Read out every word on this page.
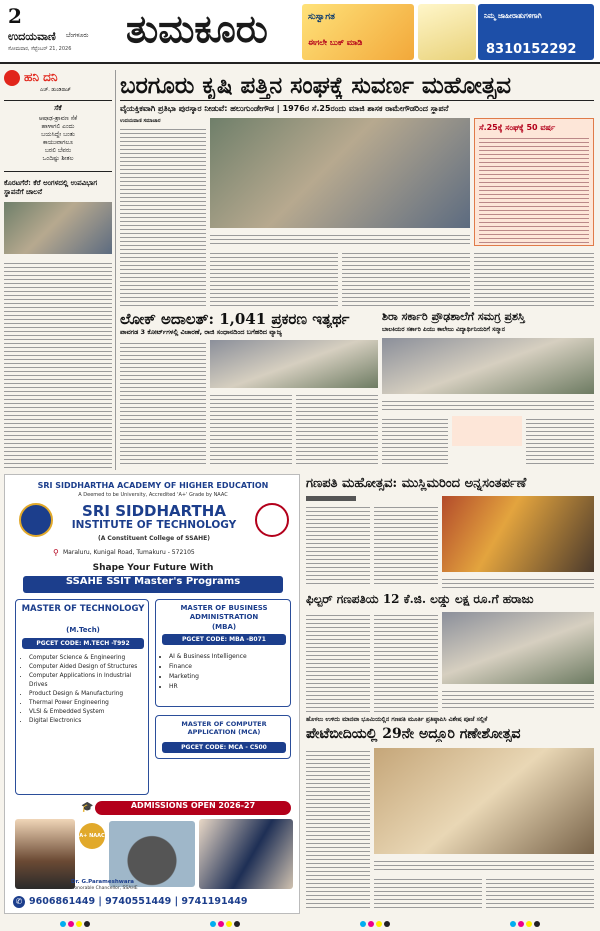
2
ಉದಯವಾಣಿ ಬೆಂಗಳೂರು
ಸೋಮವಾರ, ಸೆಪ್ಟೆಂಬರ್ 21, 2026 ತುಮಕೂರು	ಸುಸ್ವಾಗತ
ಈಗಲೇ ಬುಕ್ ಮಾಡಿ
ನಿಮ್ಮ ಜಾಹೀರಾತುಗಳಿಗಾಗಿ
8310152292
ಹನಿ ದನಿ
ಎಚ್. ಡುಂಡಿರಾಜ್
ಸೆಕೆ
ಆಷಾಢ-ಶ್ರಾವಣ ಸೆಕೆ
ಹಾಳಾಗಲಿ ಎಂದು
ಬಯಸಿದ್ದೇ ಬಂತು
ಕಾಯುವಾಗಲೂ
ಬರಲಿ ಬೆವರು
ಒಂದಿಷ್ಟು ಶೀತಲ
ಕೊರಟಗೆರೆ: ಕೆರೆ ಅಂಗಳದಲ್ಲಿ ಉಪವಿಭಾಗ ಸ್ಥಾಪನೆಗೆ ಚಾಲನೆ
ಬರಗೂರು ಕೃಷಿ ಪತ್ತಿನ ಸಂಘಕ್ಕೆ ಸುವರ್ಣ ಮಹೋತ್ಸವ
ವೈಯಕ್ತಿಕವಾಗಿ ಪ್ರತಿಭಾ ಪುರಸ್ಕಾರ ನೀಡುವೆ: ಹಲುಗುಂಡೇಗೌಡ | 1976ರ ಸೆ.25ರಂದು ಮಾಜಿ ಶಾಸಕ ರಾಮೇಗೌಡರಿಂದ ಸ್ಥಾಪನೆ
ಉದಯವಾಣಿ ಸಮಾಚಾರ
ಸೆ.25ಕ್ಕೆ ಸಂಘಕ್ಕೆ 50 ವರ್ಷ
ಲೋಕ್ ಅದಾಲತ್: 1,041 ಪ್ರಕರಣ ಇತ್ಯರ್ಥ
ಪಾವಗಡ 3 ಕೋರ್ಟ್‌ಗಳಲ್ಲಿ ವಿಚಾರಣೆ, ರಾಜಿ ಸಂಧಾನದಿಂದ ಬಗೆಹರಿದ ವ್ಯಾಜ್ಯ
ಶಿರಾ ಸರ್ಕಾರಿ ಪ್ರೌಢಶಾಲೆಗೆ ಸಮಗ್ರ ಪ್ರಶಸ್ತಿ
ಬಾಲಕಿಯರ ಸರ್ಕಾರಿ ಪಿಯು ಕಾಲೇಜು ವಿದ್ಯಾರ್ಥಿನಿಯರಿಗೆ ಸನ್ಮಾನ
SRI SIDDHARTHA ACADEMY OF HIGHER EDUCATION
A Deemed to be University, Accredited 'A+' Grade by NAAC
SRI SIDDHARTHA
INSTITUTE OF TECHNOLOGY
(A Constituent College of SSAHE)
⚲ Maraluru, Kunigal Road, Tumakuru - 572105
Shape Your Future With
SSAHE SSIT Master's Programs
MASTER OF TECHNOLOGY
(M.Tech)
PGCET CODE: M.TECH -T992
• Computer Science & Engineering
• Computer Aided Design of Structures
• Computer Applications in Industrial Drives
• Product Design & Manufacturing
• Thermal Power Engineering
• VLSI & Embedded System
• Digital Electronics
MASTER OF BUSINESS ADMINISTRATION
(MBA)
PGCET CODE: MBA -B071
• AI & Business Intelligence
• Finance
• Marketing
• HR
MASTER OF COMPUTER APPLICATION (MCA)
PGCET CODE: MCA - C500
🎓	ADMISSIONS OPEN 2026-27
A+ NAAC
Dr. G.Parameshwara
Honorable Chancellor, SSAHE
✆ 9606861449 | 9740551449 | 9741191449
ಗಣಪತಿ ಮಹೋತ್ಸವ: ಮುಸ್ಲಿಮರಿಂದ ಅನ್ನಸಂತರ್ಪಣೆ
ಫಿಲ್ಟರ್ ಗಣಪತಿಯ 12 ಕೆ.ಜಿ. ಲಡ್ಡು ಲಕ್ಷ ರೂ.ಗೆ ಹರಾಜು
ಹೊಳಲು ಉಳಿದು ಮಾನವಾ ಭೂಮಿಯಲ್ಲಿನ ಗಣಪತಿ ಮೂರ್ತಿ ಪ್ರತಿಷ್ಠಾಪಿಸಿ ವಿಶೇಷ ಪೂಜೆ ಸಲ್ಲಿಕೆ
ಪೇಟೆಬೀದಿಯಲ್ಲಿ 29ನೇ ಅದ್ದೂರಿ ಗಣೇಶೋತ್ಸವ
